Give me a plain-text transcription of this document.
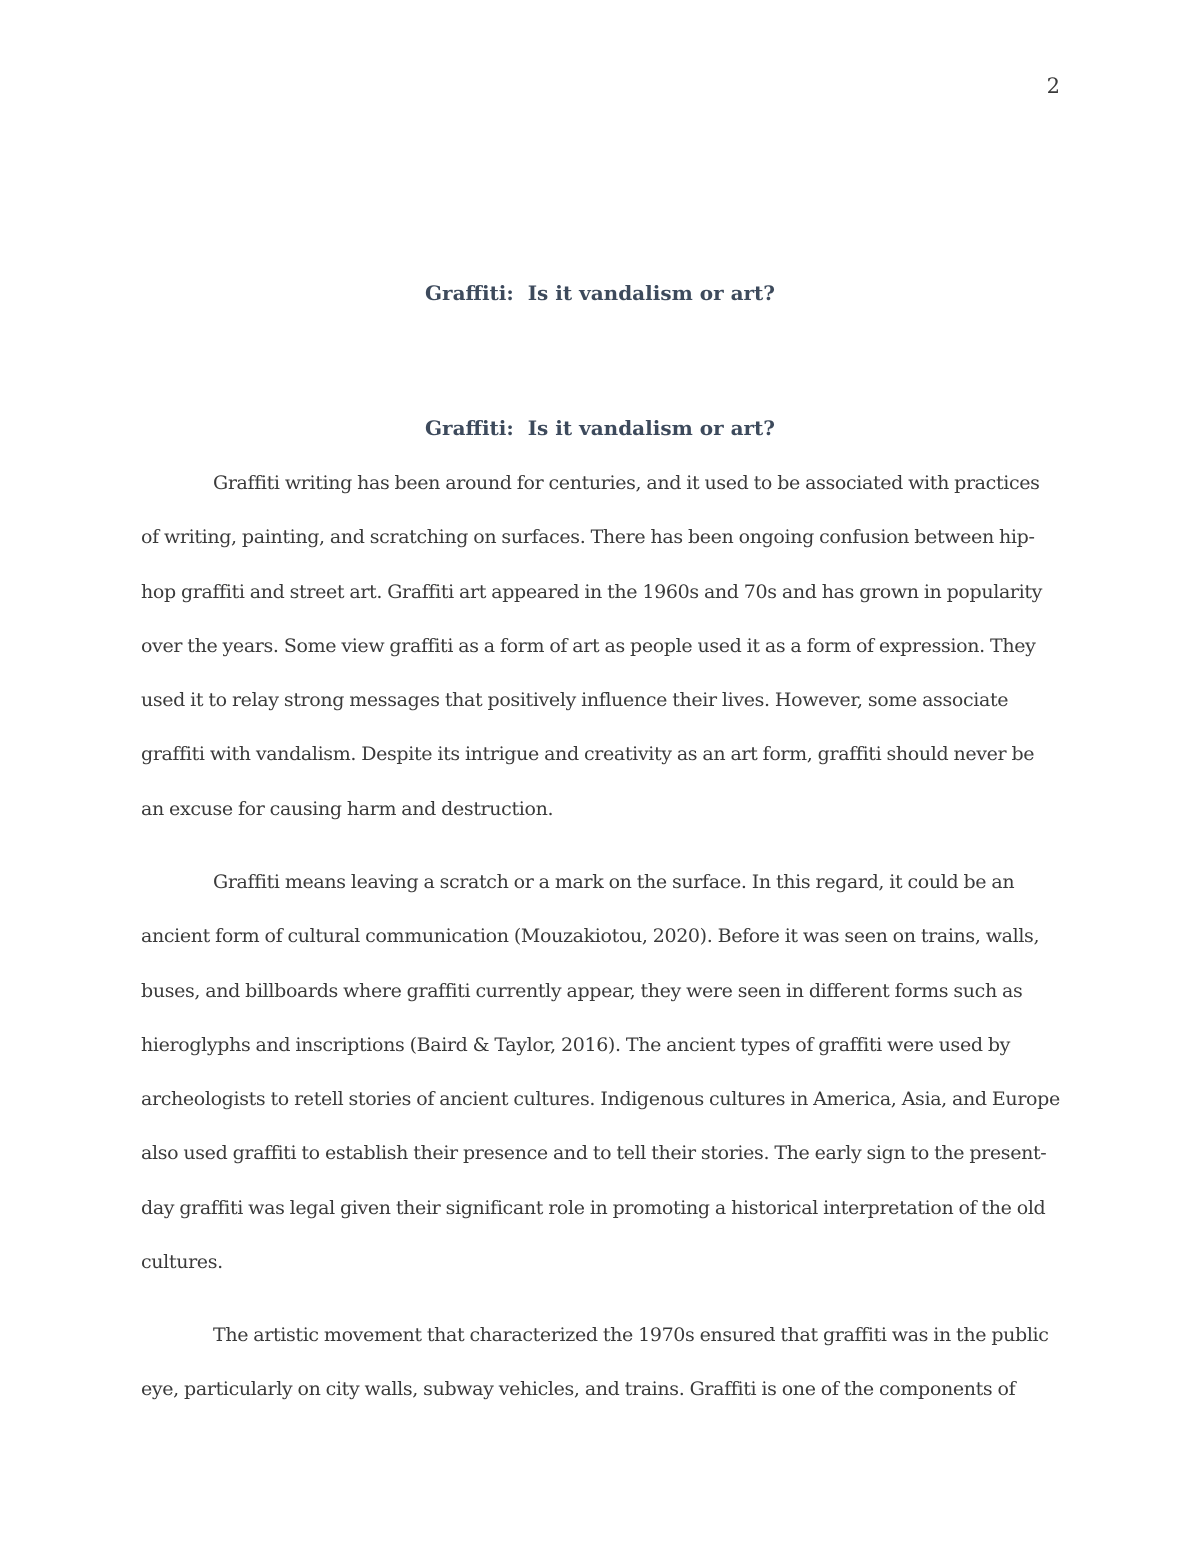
2
Graffiti:  Is it vandalism or art?
Graffiti:  Is it vandalism or art?

Graffiti writing has been around for centuries, and it used to be associated with practices of writing, painting, and scratching on surfaces. There has been ongoing confusion between hip-hop graffiti and street art. Graffiti art appeared in the 1960s and 70s and has grown in popularity over the years. Some view graffiti as a form of art as people used it as a form of expression. They used it to relay strong messages that positively influence their lives. However, some associate graffiti with vandalism. Despite its intrigue and creativity as an art form, graffiti should never be an excuse for causing harm and destruction.

Graffiti means leaving a scratch or a mark on the surface. In this regard, it could be an ancient form of cultural communication (Mouzakiotou, 2020). Before it was seen on trains, walls, buses, and billboards where graffiti currently appear, they were seen in different forms such as hieroglyphs and inscriptions (Baird & Taylor, 2016). The ancient types of graffiti were used by archeologists to retell stories of ancient cultures. Indigenous cultures in America, Asia, and Europe also used graffiti to establish their presence and to tell their stories. The early sign to the present-day graffiti was legal given their significant role in promoting a historical interpretation of the old cultures.

The artistic movement that characterized the 1970s ensured that graffiti was in the public eye, particularly on city walls, subway vehicles, and trains. Graffiti is one of the components of
